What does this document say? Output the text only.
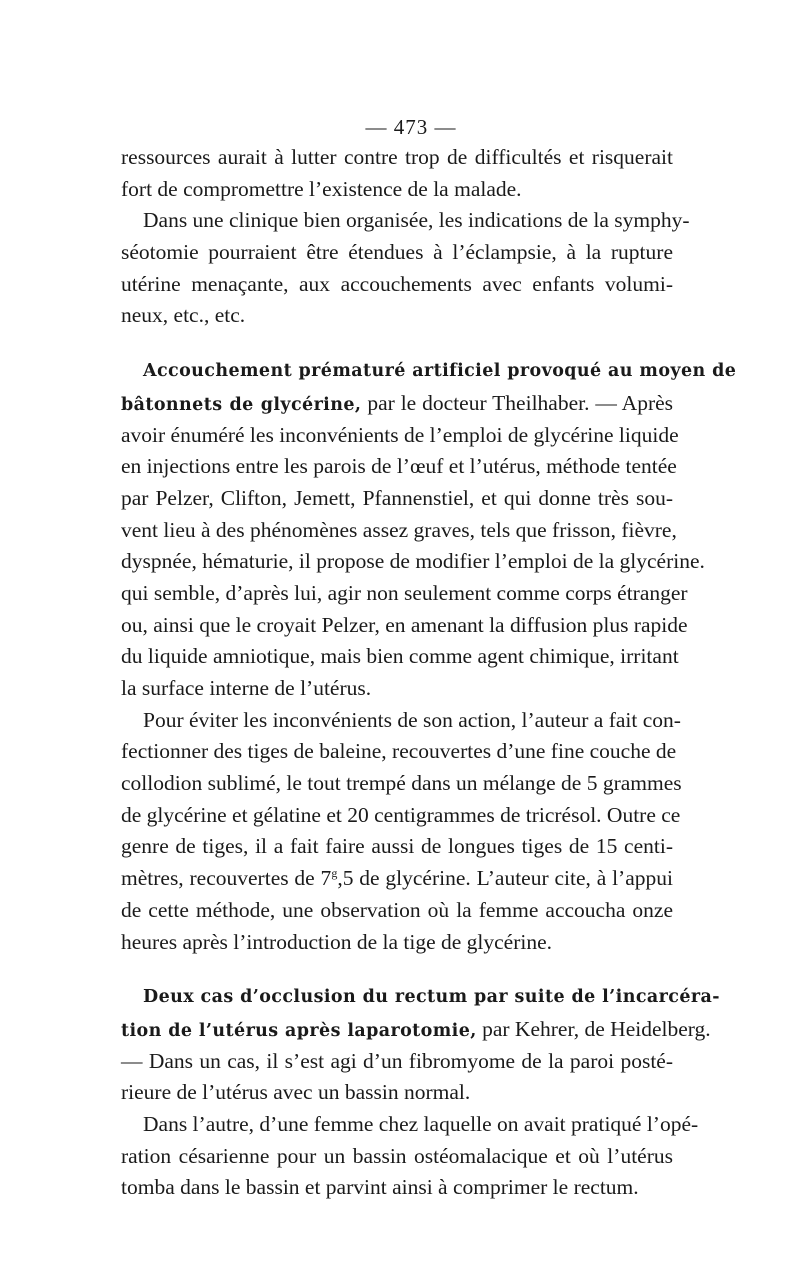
— 473 —
ressources aurait à lutter contre trop de difficultés et risquerait
fort de compromettre l’existence de la malade.
Dans une clinique bien organisée, les indications de la symphy-
séotomie pourraient être étendues à l’éclampsie, à la rupture
utérine menaçante, aux accouchements avec enfants volumi-
neux, etc., etc.
Accouchement prématuré artificiel provoqué au moyen de
bâtonnets de glycérine, par le docteur Theilhaber. — Après
avoir énuméré les inconvénients de l’emploi de glycérine liquide
en injections entre les parois de l’œuf et l’utérus, méthode tentée
par Pelzer, Clifton, Jemett, Pfannenstiel, et qui donne très sou-
vent lieu à des phénomènes assez graves, tels que frisson, fièvre,
dyspnée, hématurie, il propose de modifier l’emploi de la glycérine.
qui semble, d’après lui, agir non seulement comme corps étranger
ou, ainsi que le croyait Pelzer, en amenant la diffusion plus rapide
du liquide amniotique, mais bien comme agent chimique, irritant
la surface interne de l’utérus.
Pour éviter les inconvénients de son action, l’auteur a fait con-
fectionner des tiges de baleine, recouvertes d’une fine couche de
collodion sublimé, le tout trempé dans un mélange de 5 grammes
de glycérine et gélatine et 20 centigrammes de tricrésol. Outre ce
genre de tiges, il a fait faire aussi de longues tiges de 15 centi-
mètres, recouvertes de 7$^g$,5 de glycérine. L’auteur cite, à l’appui
de cette méthode, une observation où la femme accoucha onze
heures après l’introduction de la tige de glycérine.
Deux cas d’occlusion du rectum par suite de l’incarcéra-
tion de l’utérus après laparotomie, par Kehrer, de Heidelberg.
— Dans un cas, il s’est agi d’un fibromyome de la paroi posté-
rieure de l’utérus avec un bassin normal.
Dans l’autre, d’une femme chez laquelle on avait pratiqué l’opé-
ration césarienne pour un bassin ostéomalacique et où l’utérus
tomba dans le bassin et parvint ainsi à comprimer le rectum.
